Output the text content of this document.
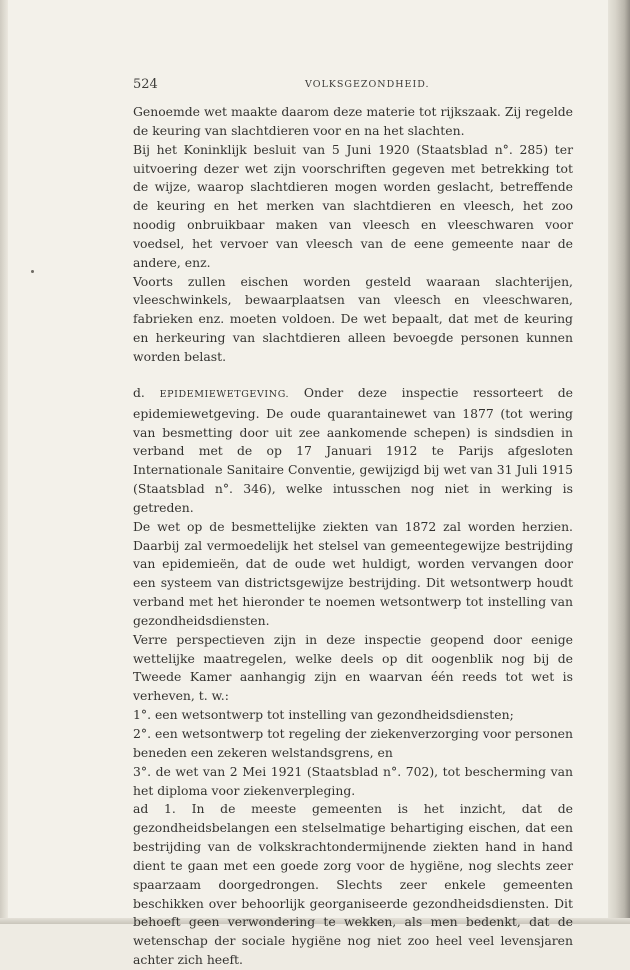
524	VOLKSGEZONDHEID.

Genoemde wet maakte daarom deze materie tot rijkszaak. Zij regelde de keuring van slachtdieren voor en na het slachten.

Bij het Koninklijk besluit van 5 Juni 1920 (Staatsblad n°. 285) ter uitvoering dezer wet zijn voorschriften gegeven met betrekking tot de wijze, waarop slachtdieren mogen worden geslacht, betreffende de keuring en het merken van slachtdieren en vleesch, het zoo noodig onbruikbaar maken van vleesch en vleeschwaren voor voedsel, het vervoer van vleesch van de eene gemeente naar de andere, enz.

Voorts zullen eischen worden gesteld waaraan slachterijen, vleeschwinkels, bewaarplaatsen van vleesch en vleeschwaren, fabrieken enz. moeten voldoen. De wet bepaalt, dat met de keuring en herkeuring van slachtdieren alleen bevoegde personen kunnen worden belast.

d. EPIDEMIEWETGEVING. Onder deze inspectie ressorteert de epidemiewetgeving. De oude quarantainewet van 1877 (tot wering van besmetting door uit zee aankomende schepen) is sindsdien in verband met de op 17 Januari 1912 te Parijs afgesloten Internationale Sanitaire Conventie, gewijzigd bij wet van 31 Juli 1915 (Staatsblad n°. 346), welke intusschen nog niet in werking is getreden.

De wet op de besmettelijke ziekten van 1872 zal worden herzien. Daarbij zal vermoedelijk het stelsel van gemeentegewijze bestrijding van epidemieën, dat de oude wet huldigt, worden vervangen door een systeem van districtsgewijze bestrijding. Dit wetsontwerp houdt verband met het hieronder te noemen wetsontwerp tot instelling van gezondheidsdiensten.

Verre perspectieven zijn in deze inspectie geopend door eenige wettelijke maatregelen, welke deels op dit oogenblik nog bij de Tweede Kamer aanhangig zijn en waarvan één reeds tot wet is verheven, t. w.:

1°. een wetsontwerp tot instelling van gezondheidsdiensten;

2°. een wetsontwerp tot regeling der ziekenverzorging voor personen beneden een zekeren welstandsgrens, en

3°. de wet van 2 Mei 1921 (Staatsblad n°. 702), tot bescherming van het diploma voor ziekenverpleging.

ad 1. In de meeste gemeenten is het inzicht, dat de gezondheidsbelangen een stelselmatige behartiging eischen, dat een bestrijding van de volkskrachtondermijnende ziekten hand in hand dient te gaan met een goede zorg voor de hygiëne, nog slechts zeer spaarzaam doorgedrongen. Slechts zeer enkele gemeenten beschikken over behoorlijk georganiseerde gezondheidsdiensten. Dit behoeft geen verwondering te wekken, als men bedenkt, dat de wetenschap der sociale hygiëne nog niet zoo heel veel levensjaren achter zich heeft.
